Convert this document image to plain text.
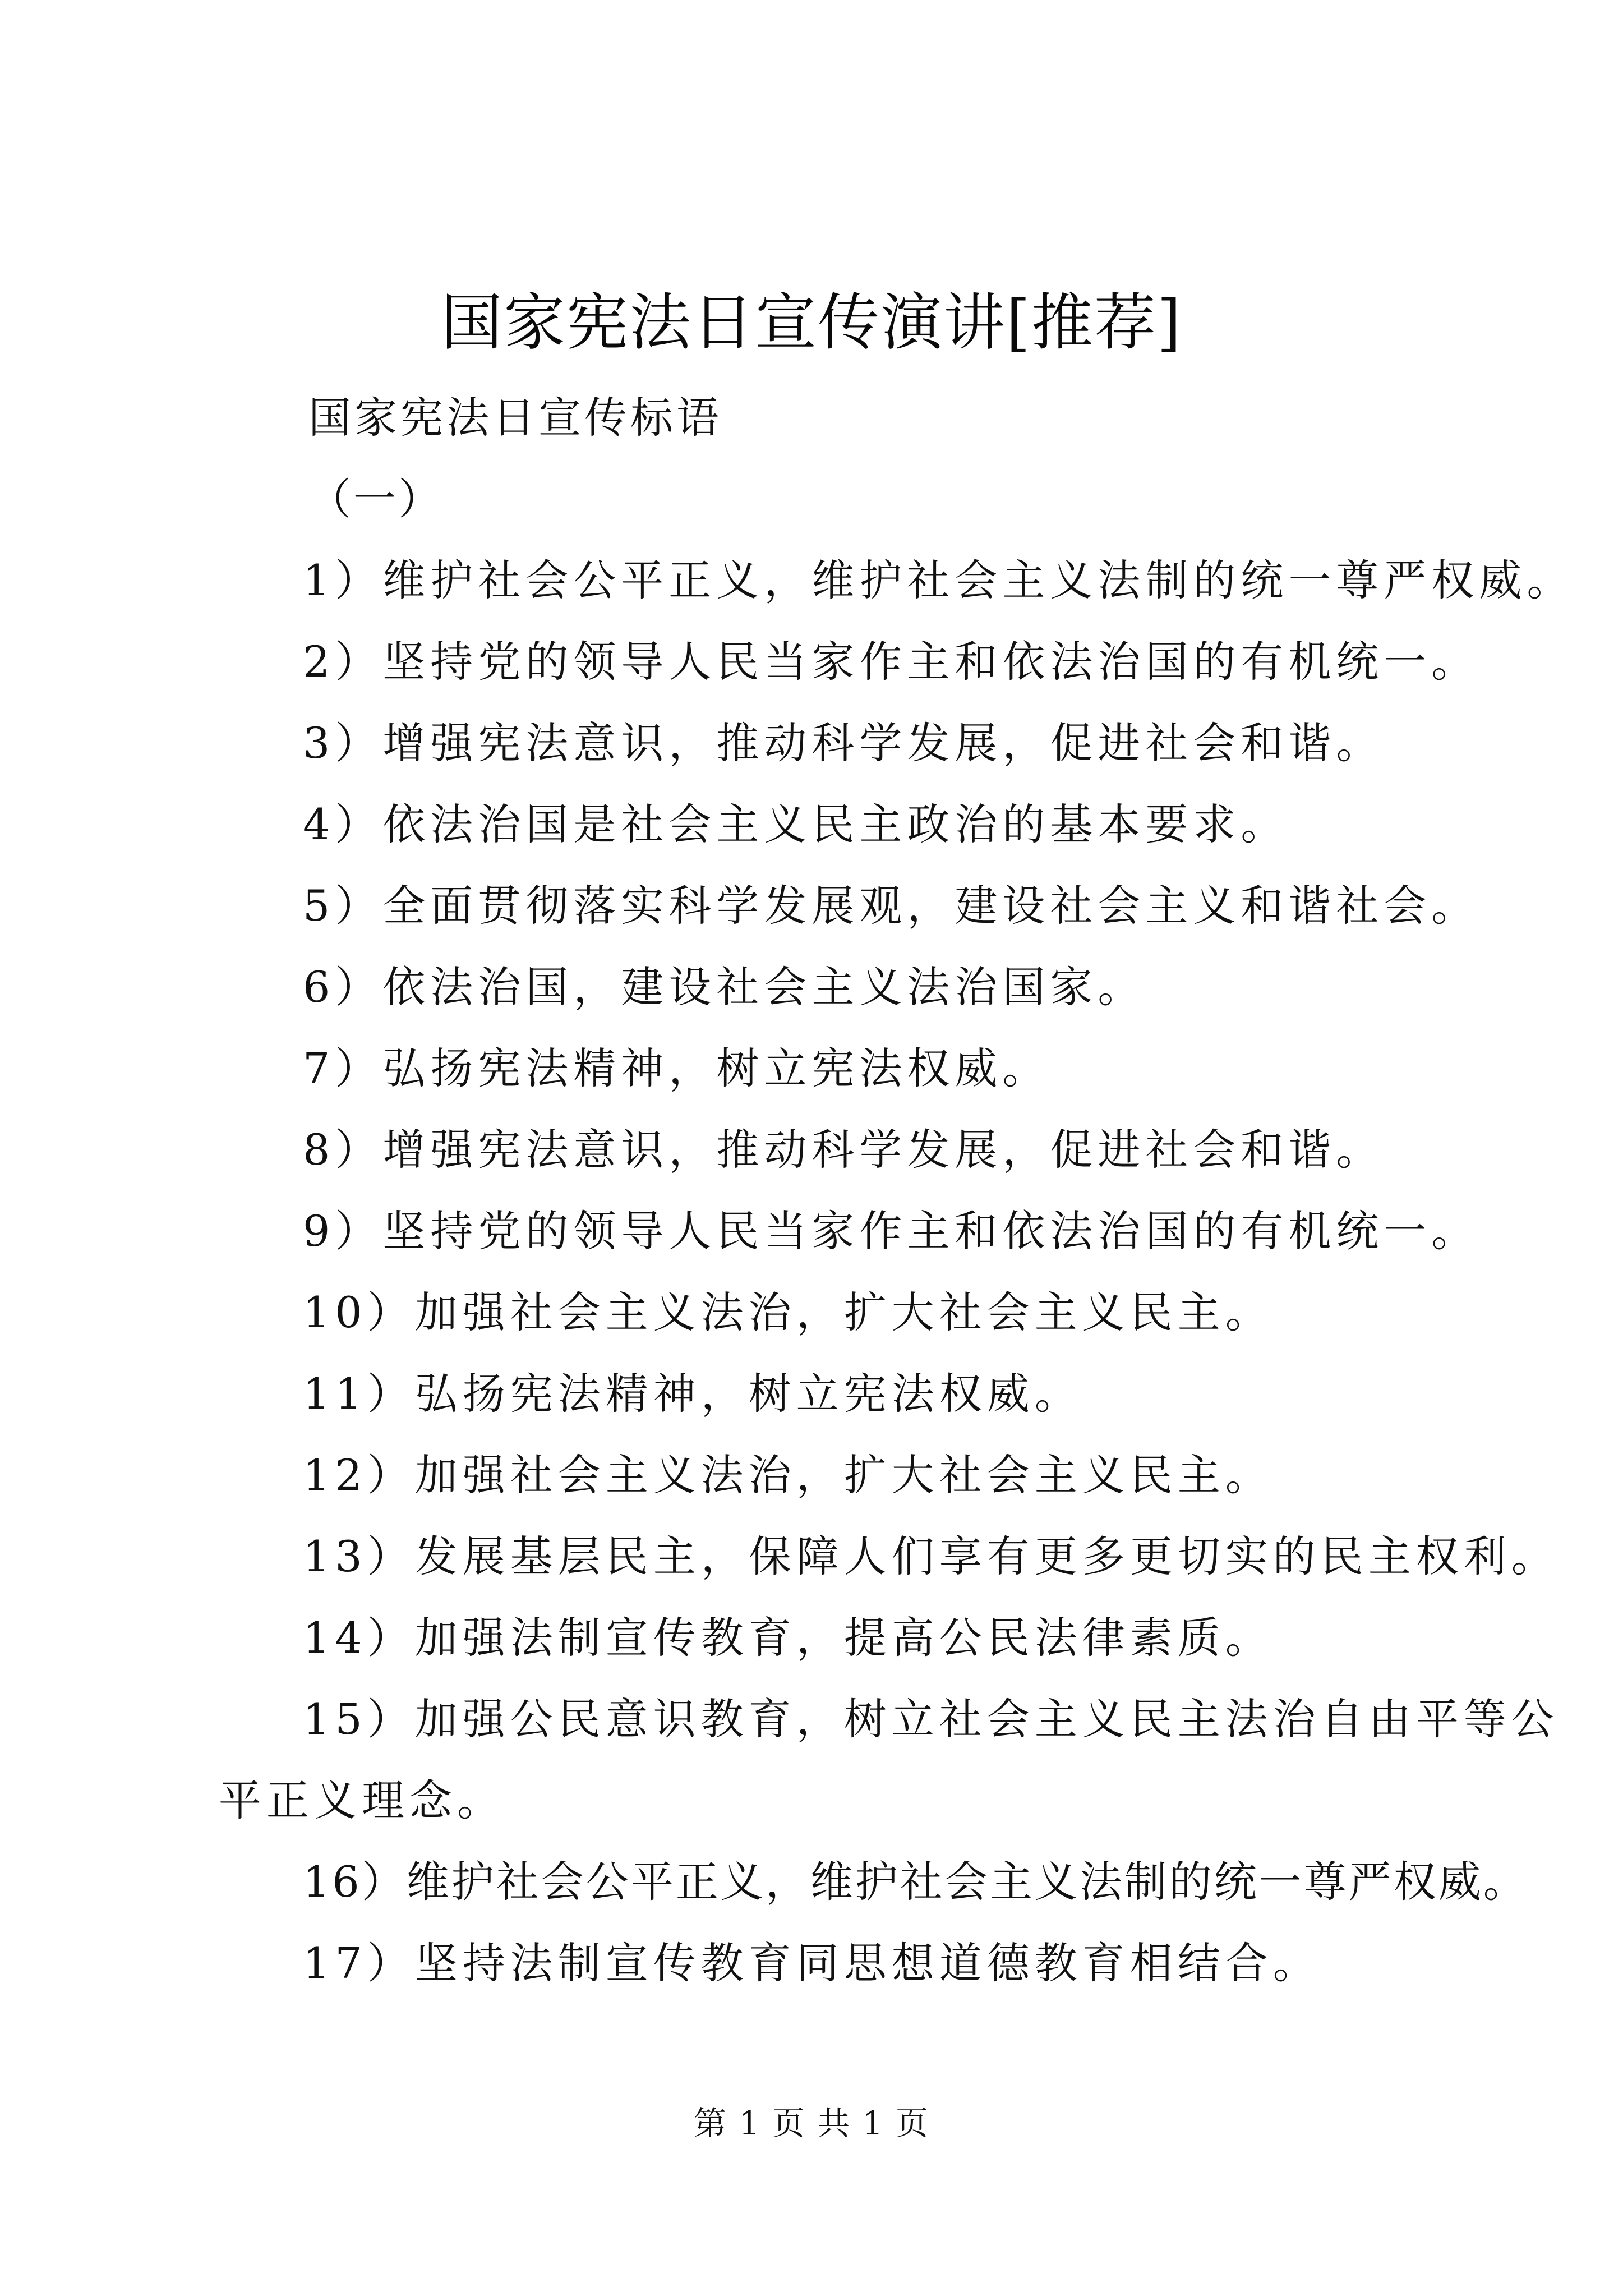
国家宪法日宣传演讲[推荐]
国家宪法日宣传标语
（一）
1）维护社会公平正义，维护社会主义法制的统一尊严权威。
2）坚持党的领导人民当家作主和依法治国的有机统一。
3）增强宪法意识，推动科学发展，促进社会和谐。
4）依法治国是社会主义民主政治的基本要求。
5）全面贯彻落实科学发展观，建设社会主义和谐社会。
6）依法治国，建设社会主义法治国家。
7）弘扬宪法精神，树立宪法权威。
8）增强宪法意识，推动科学发展，促进社会和谐。
9）坚持党的领导人民当家作主和依法治国的有机统一。
10）加强社会主义法治，扩大社会主义民主。
11）弘扬宪法精神，树立宪法权威。
12）加强社会主义法治，扩大社会主义民主。
13）发展基层民主，保障人们享有更多更切实的民主权利。
14）加强法制宣传教育，提高公民法律素质。
15）加强公民意识教育，树立社会主义民主法治自由平等公
平正义理念。
16）维护社会公平正义，维护社会主义法制的统一尊严权威。
17）坚持法制宣传教育同思想道德教育相结合。
第 1 页 共 1 页
